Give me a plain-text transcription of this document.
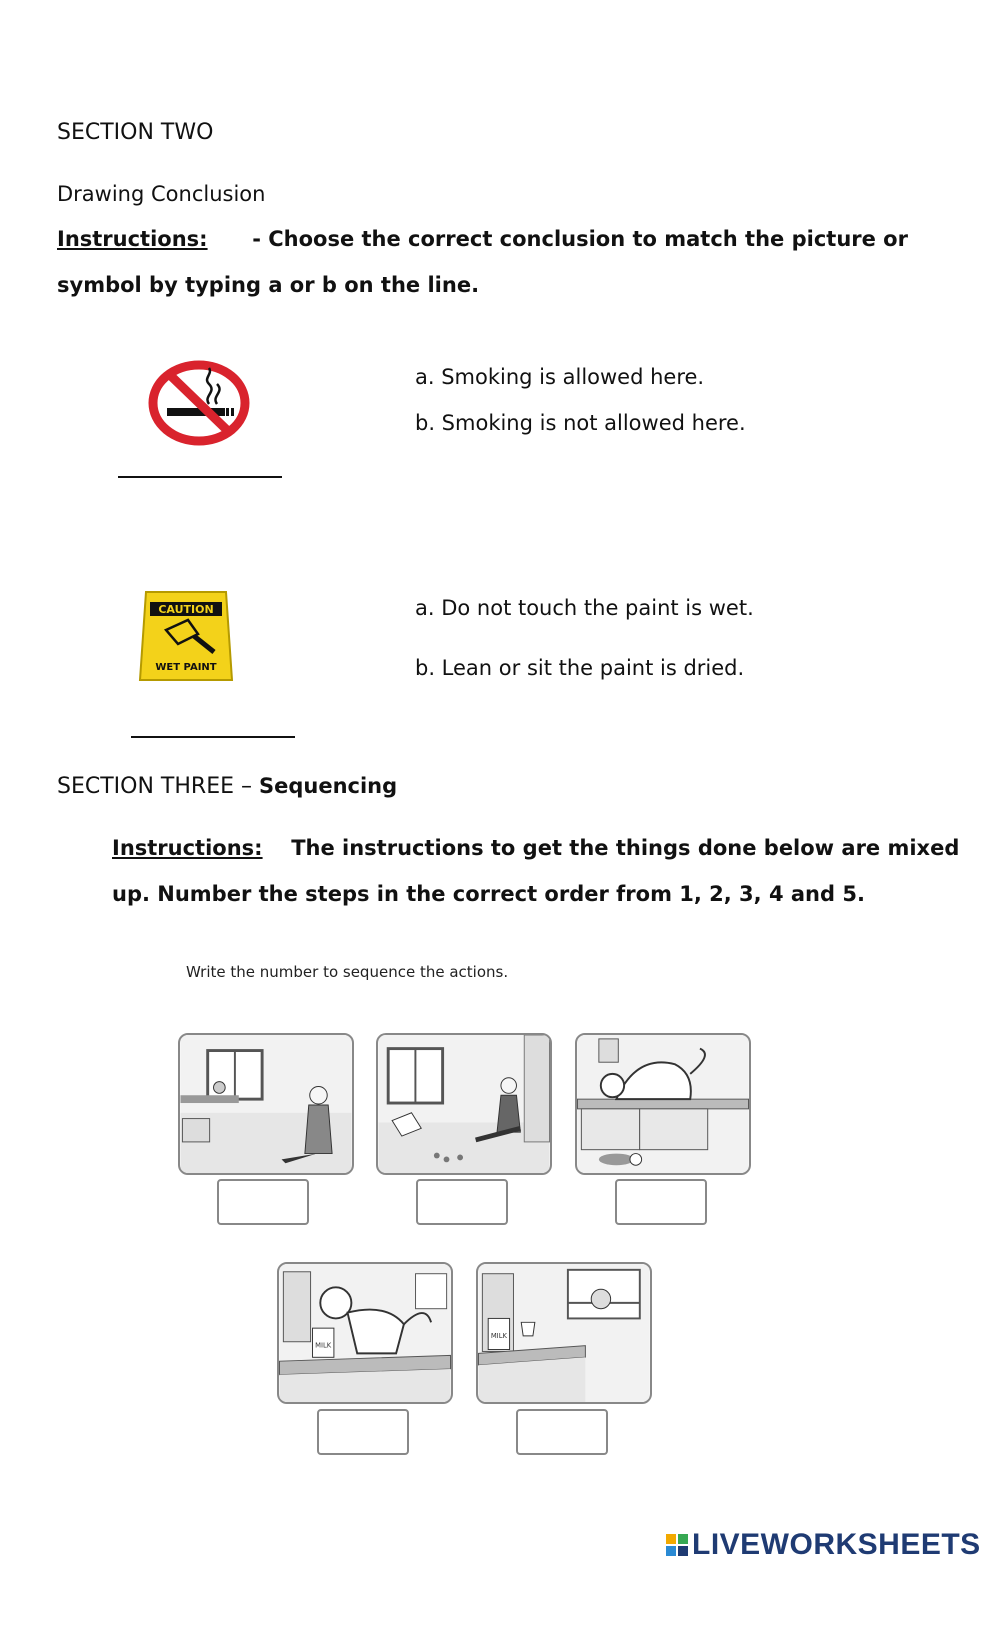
SECTION TWO
Drawing Conclusion
Instructions: - Choose the correct conclusion to match the picture or
symbol by typing a or b on the line.
a. Smoking is allowed here.
b. Smoking is not allowed here.
CAUTION
WET PAINT
a. Do not touch the paint is wet.
b. Lean or sit the paint is dried.
SECTION THREE – Sequencing
Instructions: The instructions to get the things done below are mixed
up. Number the steps in the correct order from 1, 2, 3, 4 and 5.
Write the number to sequence the actions.
MILK
MILK
LIVEWORKSHEETS
